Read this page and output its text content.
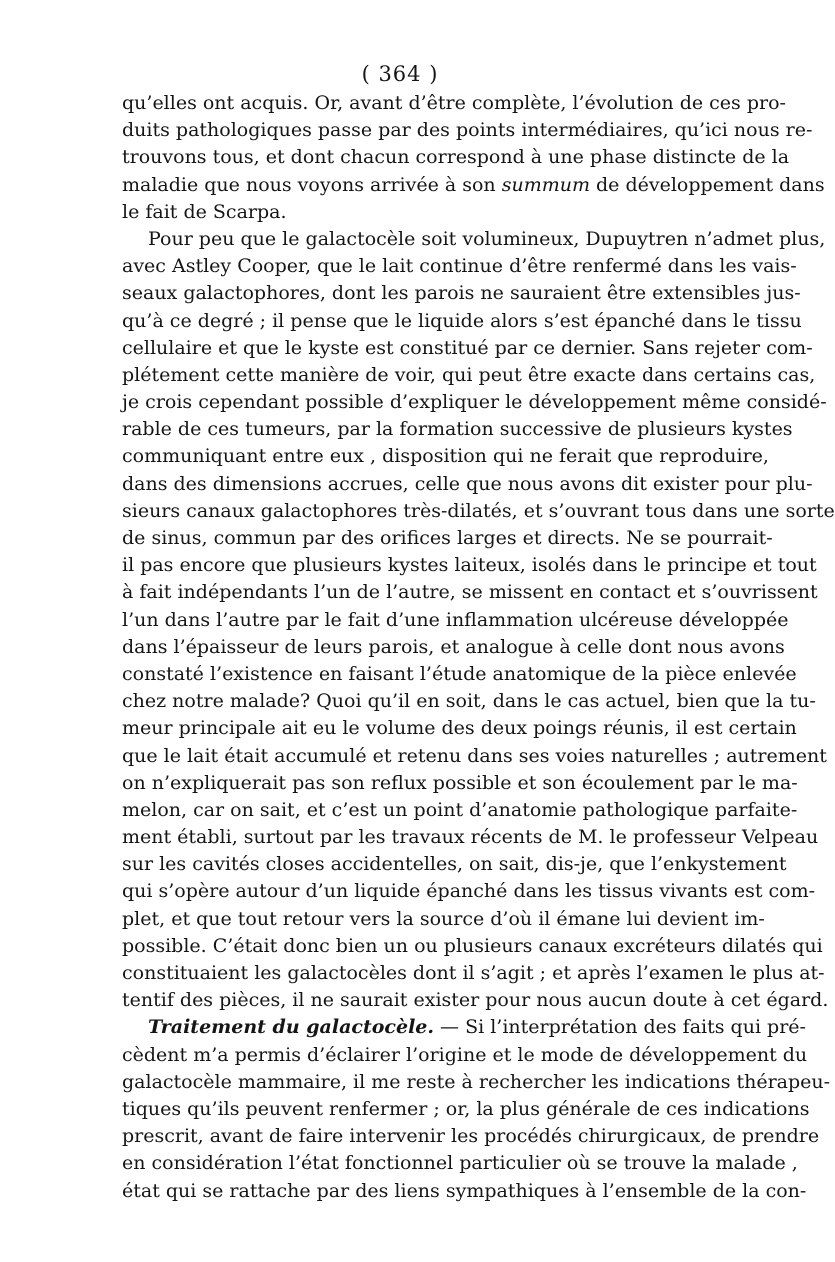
( 364 )
qu’elles ont acquis. Or, avant d’être complète, l’évolution de ces pro-
duits pathologiques passe par des points intermédiaires, qu’ici nous re-
trouvons tous, et dont chacun correspond à une phase distincte de la
maladie que nous voyons arrivée à son summum de développement dans
le fait de Scarpa.
Pour peu que le galactocèle soit volumineux, Dupuytren n’admet plus,
avec Astley Cooper, que le lait continue d’être renfermé dans les vais-
seaux galactophores, dont les parois ne sauraient être extensibles jus-
qu’à ce degré ; il pense que le liquide alors s’est épanché dans le tissu
cellulaire et que le kyste est constitué par ce dernier. Sans rejeter com-
plétement cette manière de voir, qui peut être exacte dans certains cas,
je crois cependant possible d’expliquer le développement même considé-
rable de ces tumeurs, par la formation successive de plusieurs kystes
communiquant entre eux , disposition qui ne ferait que reproduire,
dans des dimensions accrues, celle que nous avons dit exister pour plu-
sieurs canaux galactophores très-dilatés, et s’ouvrant tous dans une sorte
de sinus, commun par des orifices larges et directs. Ne se pourrait-
il pas encore que plusieurs kystes laiteux, isolés dans le principe et tout
à fait indépendants l’un de l’autre, se missent en contact et s’ouvrissent
l’un dans l’autre par le fait d’une inflammation ulcéreuse développée
dans l’épaisseur de leurs parois, et analogue à celle dont nous avons
constaté l’existence en faisant l’étude anatomique de la pièce enlevée
chez notre malade? Quoi qu’il en soit, dans le cas actuel, bien que la tu-
meur principale ait eu le volume des deux poings réunis, il est certain
que le lait était accumulé et retenu dans ses voies naturelles ; autrement
on n’expliquerait pas son reflux possible et son écoulement par le ma-
melon, car on sait, et c’est un point d’anatomie pathologique parfaite-
ment établi, surtout par les travaux récents de M. le professeur Velpeau
sur les cavités closes accidentelles, on sait, dis-je, que l’enkystement
qui s’opère autour d’un liquide épanché dans les tissus vivants est com-
plet, et que tout retour vers la source d’où il émane lui devient im-
possible. C’était donc bien un ou plusieurs canaux excréteurs dilatés qui
constituaient les galactocèles dont il s’agit ; et après l’examen le plus at-
tentif des pièces, il ne saurait exister pour nous aucun doute à cet égard.
Traitement du galactocèle. — Si l’interprétation des faits qui pré-
cèdent m’a permis d’éclairer l’origine et le mode de développement du
galactocèle mammaire, il me reste à rechercher les indications thérapeu-
tiques qu’ils peuvent renfermer ; or, la plus générale de ces indications
prescrit, avant de faire intervenir les procédés chirurgicaux, de prendre
en considération l’état fonctionnel particulier où se trouve la malade ,
état qui se rattache par des liens sympathiques à l’ensemble de la con-
